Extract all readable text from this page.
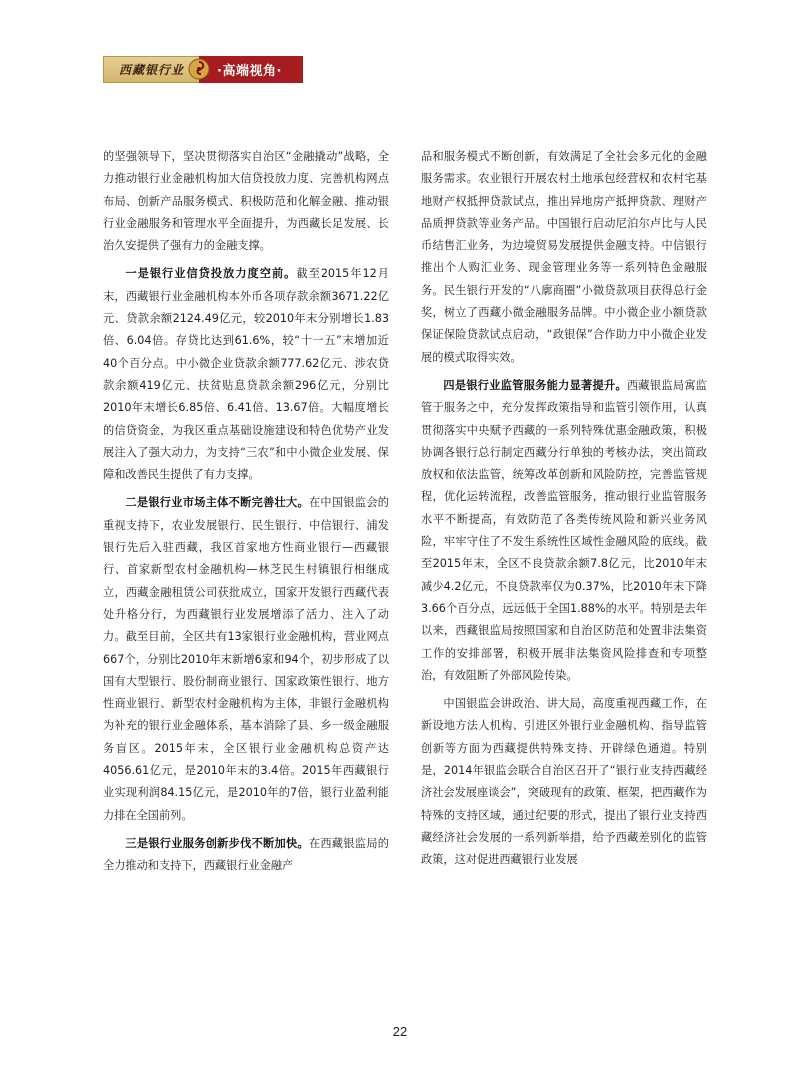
西藏银行业	·高端视角·

的坚强领导下，坚决贯彻落实自治区“金融撬动”战略，全力推动银行业金融机构加大信贷投放力度、完善机构网点布局、创新产品服务模式、积极防范和化解金融、推动银行业金融服务和管理水平全面提升，为西藏长足发展、长治久安提供了强有力的金融支撑。

一是银行业信贷投放力度空前。截至2015年12月末，西藏银行业金融机构本外币各项存款余额3671.22亿元、贷款余额2124.49亿元，较2010年末分别增长1.83倍、6.04倍。存贷比达到61.6%，较“十一五”末增加近40个百分点。中小微企业贷款余额777.62亿元、涉农贷款余额419亿元、扶贫贴息贷款余额296亿元，分别比2010年末增长6.85倍、6.41倍、13.67倍。大幅度增长的信贷资金，为我区重点基础设施建设和特色优势产业发展注入了强大动力，为支持“三农”和中小微企业发展、保障和改善民生提供了有力支撑。

二是银行业市场主体不断完善壮大。在中国银监会的重视支持下，农业发展银行、民生银行、中信银行、浦发银行先后入驻西藏，我区首家地方性商业银行—西藏银行、首家新型农村金融机构—林芝民生村镇银行相继成立，西藏金融租赁公司获批成立，国家开发银行西藏代表处升格分行，为西藏银行业发展增添了活力、注入了动力。截至目前，全区共有13家银行业金融机构，营业网点667个，分别比2010年末新增6家和94个，初步形成了以国有大型银行、股份制商业银行、国家政策性银行、地方性商业银行、新型农村金融机构为主体，非银行金融机构为补充的银行业金融体系，基本消除了县、乡一级金融服务盲区。2015年末，全区银行业金融机构总资产达4056.61亿元，是2010年末的3.4倍。2015年西藏银行业实现利润84.15亿元，是2010年的7倍，银行业盈利能力排在全国前列。

三是银行业服务创新步伐不断加快。在西藏银监局的全力推动和支持下，西藏银行业金融产

品和服务模式不断创新，有效满足了全社会多元化的金融服务需求。农业银行开展农村土地承包经营权和农村宅基地财产权抵押贷款试点，推出异地房产抵押贷款、理财产品质押贷款等业务产品。中国银行启动尼泊尔卢比与人民币结售汇业务，为边境贸易发展提供金融支持。中信银行推出个人购汇业务、现金管理业务等一系列特色金融服务。民生银行开发的“八廓商圈”小微贷款项目获得总行金奖，树立了西藏小微金融服务品牌。中小微企业小额贷款保证保险贷款试点启动，“政银保”合作助力中小微企业发展的模式取得实效。

四是银行业监管服务能力显著提升。西藏银监局寓监管于服务之中，充分发挥政策指导和监管引领作用，认真贯彻落实中央赋予西藏的一系列特殊优惠金融政策，积极协调各银行总行制定西藏分行单独的考核办法，突出简政放权和依法监管，统筹改革创新和风险防控，完善监管规程，优化运转流程，改善监管服务，推动银行业监管服务水平不断提高，有效防范了各类传统风险和新兴业务风险，牢牢守住了不发生系统性区域性金融风险的底线。截至2015年末，全区不良贷款余额7.8亿元，比2010年末减少4.2亿元，不良贷款率仅为0.37%，比2010年末下降3.66个百分点，远远低于全国1.88%的水平。特别是去年以来，西藏银监局按照国家和自治区防范和处置非法集资工作的安排部署，积极开展非法集资风险排查和专项整治，有效阻断了外部风险传染。

中国银监会讲政治、讲大局，高度重视西藏工作，在新设地方法人机构、引进区外银行业金融机构、指导监管创新等方面为西藏提供特殊支持、开辟绿色通道。特别是，2014年银监会联合自治区召开了“银行业支持西藏经济社会发展座谈会”，突破现有的政策、框架，把西藏作为特殊的支持区域，通过纪要的形式，提出了银行业支持西藏经济社会发展的一系列新举措，给予西藏差别化的监管政策，这对促进西藏银行业发展

22
